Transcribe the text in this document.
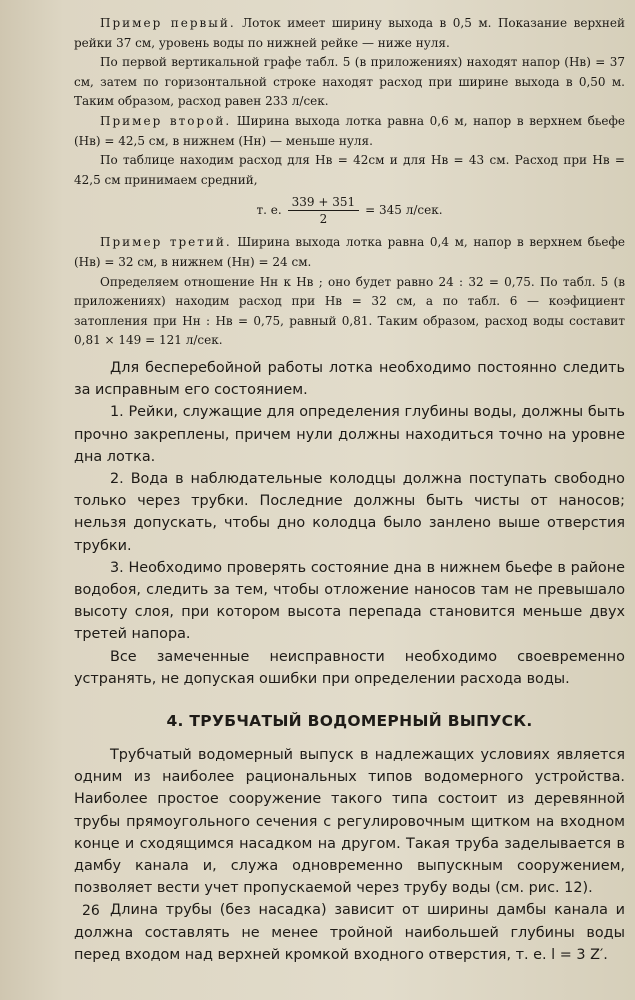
Пример первый. Лоток имеет ширину выхода в 0,5 м. Показание верхней рейки 37 см, уровень воды по нижней рейке — ниже нуля.

По первой вертикальной графе табл. 5 (в приложениях) находят напор (Hв) = 37 см, затем по горизонтальной строке находят расход при ширине выхода в 0,50 м. Таким образом, расход равен 233 л/сек.

Пример второй. Ширина выхода лотка равна 0,6 м, напор в верхнем бьефе (Hв) = 42,5 см, в нижнем (Hн) — меньше нуля.

По таблице находим расход для Hв = 42см и для Hв = 43 см. Расход при Hв = 42,5 см принимаем средний,

т. е. $\frac{339 + 351}{2} = 345$ л/сек.

Пример третий. Ширина выхода лотка равна 0,4 м, напор в верхнем бьефе (Hв) = 32 см, в нижнем (Hн) = 24 см.

Определяем отношение Hн к Hв ; оно будет равно 24 : 32 = 0,75. По табл. 5 (в приложениях) находим расход при Hв = 32 см, а по табл. 6 — коэфициент затопления при Hн : Hв = 0,75, равный 0,81. Таким образом, расход воды составит 0,81 × 149 = 121 л/сек.

Для бесперебойной работы лотка необходимо постоянно следить за исправным его состоянием.

1. Рейки, служащие для определения глубины воды, должны быть прочно закреплены, причем нули должны находиться точно на уровне дна лотка.

2. Вода в наблюдательные колодцы должна поступать свободно только через трубки. Последние должны быть чисты от наносов; нельзя допускать, чтобы дно колодца было занлено выше отверстия трубки.

3. Необходимо проверять состояние дна в нижнем бьефе в районе водобоя, следить за тем, чтобы отложение наносов там не превышало высоту слоя, при котором высота перепада становится меньше двух третей напора.

Все замеченные неисправности необходимо своевременно устранять, не допуская ошибки при определении расхода воды.

4. ТРУБЧАТЫЙ ВОДОМЕРНЫЙ ВЫПУСК.

Трубчатый водомерный выпуск в надлежащих условиях является одним из наиболее рациональных типов водомерного устройства. Наиболее простое сооружение такого типа состоит из деревянной трубы прямоугольного сечения с регулировочным щитком на входном конце и сходящимся насадком на другом. Такая труба заделывается в дамбу канала и, служа одновременно выпускным сооружением, позволяет вести учет пропускаемой через трубу воды (см. рис. 12).

Длина трубы (без насадка) зависит от ширины дамбы канала и должна составлять не менее тройной наибольшей глубины воды перед входом над верхней кромкой входного отверстия, т. е. l = 3 Z′.

26
